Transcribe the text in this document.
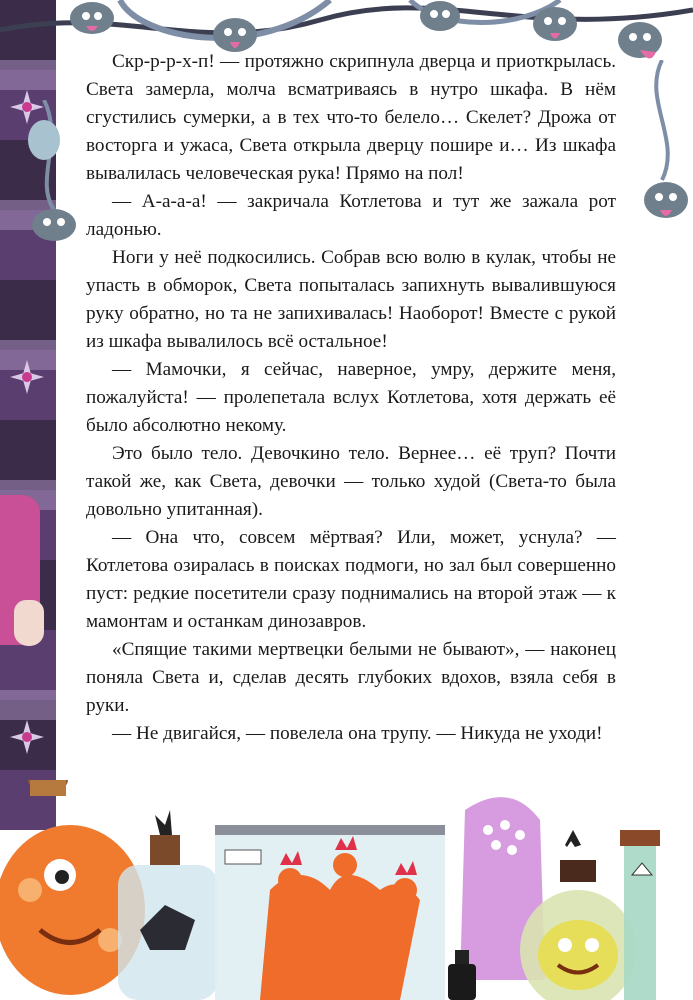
Скр-р-р-х-п! — протяжно скрипнула дверца и приоткрылась. Света замерла, молча всматриваясь в нутро шкафа. В нём сгустились сумерки, а в тех что-то белело… Скелет? Дрожа от восторга и ужаса, Света открыла дверцу пошире и… Из шкафа вывалилась человеческая рука! Прямо на пол!

— А-а-а-а! — закричала Котлетова и тут же зажала рот ладонью.

Ноги у неё подкосились. Собрав всю волю в кулак, чтобы не упасть в обморок, Света попыталась запихнуть вывалившуюся руку обратно, но та не запихивалась! Наоборот! Вместе с рукой из шкафа вывалилось всё остальное!

— Мамочки, я сейчас, наверное, умру, держите меня, пожалуйста! — пролепетала вслух Котлетова, хотя держать её было абсолютно некому.

Это было тело. Девочкино тело. Вернее… её труп? Почти такой же, как Света, девочки — только худой (Света-то была довольно упитанная).

— Она что, совсем мёртвая? Или, может, уснула? — Котлетова озиралась в поисках подмоги, но зал был совершенно пуст: редкие посетители сразу поднимались на второй этаж — к мамонтам и останкам динозавров.

«Спящие такими мертвецки белыми не бывают», — наконец поняла Света и, сделав десять глубоких вдохов, взяла себя в руки.

— Не двигайся, — повелела она трупу. — Никуда не уходи!
